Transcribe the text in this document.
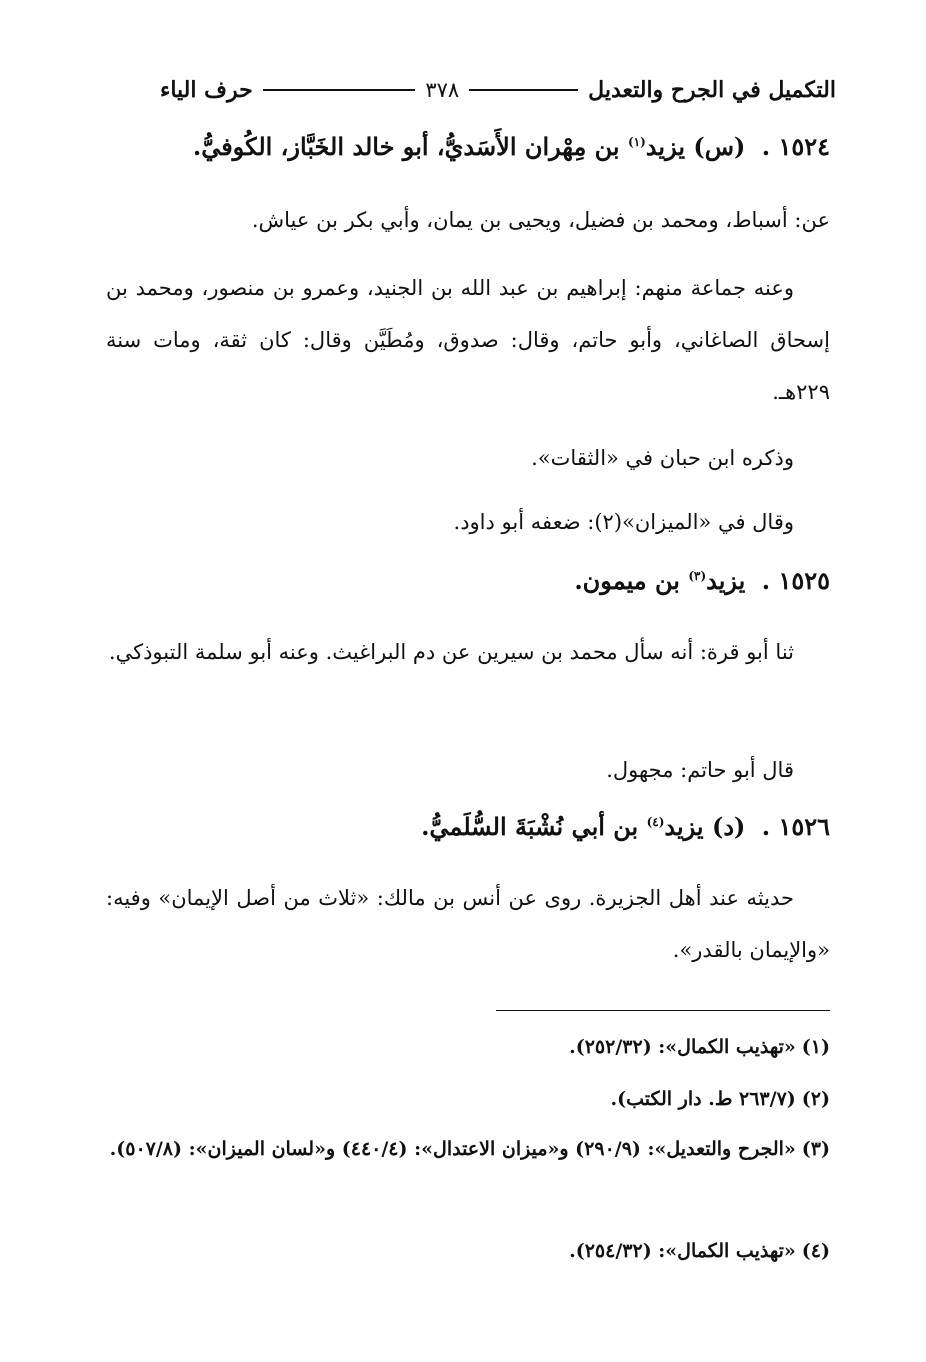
التكميل في الجرح والتعديل
٣٧٨
حرف الياء
١٥٢٤ . (س) يزيد$^{(١)}$ بن مِهْران الأَسَديُّ، أبو خالد الخَبَّاز، الكُوفيُّ.
عن: أسباط، ومحمد بن فضيل، ويحيى بن يمان، وأبي بكر بن عياش.
وعنه جماعة منهم: إبراهيم بن عبد الله بن الجنيد، وعمرو بن منصور، ومحمد بن إسحاق الصاغاني، وأبو حاتم، وقال: صدوق، ومُطَيَّن وقال: كان ثقة، ومات سنة ٢٢٩هـ.
وذكره ابن حبان في «الثقات».
وقال في «الميزان»(٢): ضعفه أبو داود.
١٥٢٥ . يزيد$^{(٣)}$ بن ميمون.
ثنا أبو قرة: أنه سأل محمد بن سيرين عن دم البراغيث. وعنه أبو سلمة التبوذكي.
قال أبو حاتم: مجهول.
١٥٢٦ . (د) يزيد$^{(٤)}$ بن أبي نُشْبَةَ السُّلَميُّ.
حديثه عند أهل الجزيرة. روى عن أنس بن مالك: «ثلاث من أصل الإيمان» وفيه: «والإيمان بالقدر».
(١)«تهذيب الكمال»: (٢٥٢/٣٢).
(٢)(٢٦٣/٧ ط. دار الكتب).
(٣)«الجرح والتعديل»: (٢٩٠/٩) و«ميزان الاعتدال»: (٤٤٠/٤) و«لسان الميزان»: (٥٠٧/٨).
(٤)«تهذيب الكمال»: (٢٥٤/٣٢).
